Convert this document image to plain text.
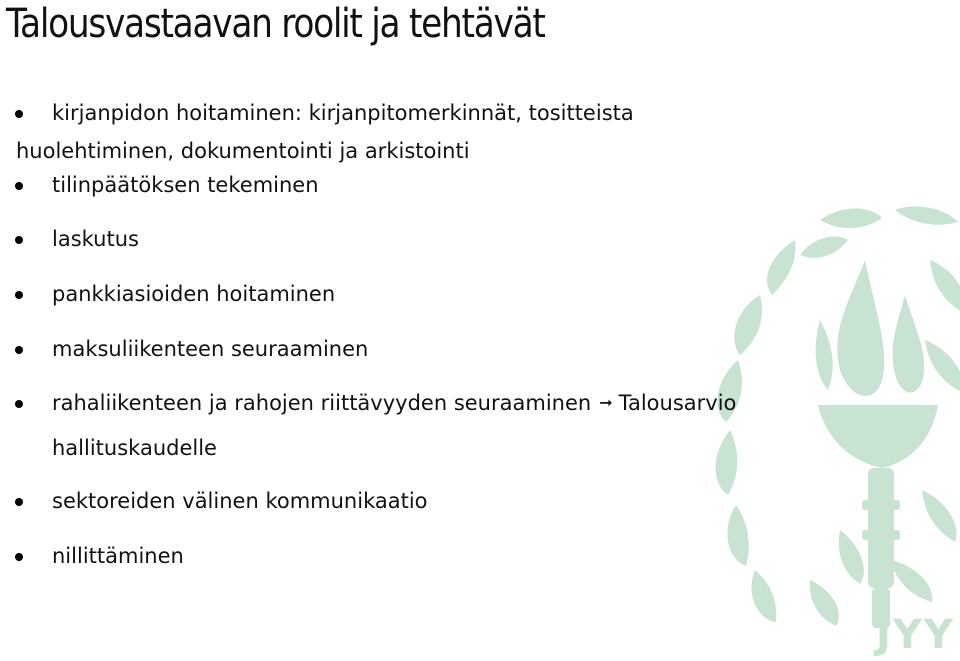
Talousvastaavan roolit ja tehtävät
kirjanpidon hoitaminen: kirjanpitomerkinnät, tositteista
huolehtiminen, dokumentointi ja arkistointi
tilinpäätöksen tekeminen
laskutus
pankkiasioiden hoitaminen
maksuliikenteen seuraaminen
rahaliikenteen ja rahojen riittävyyden seuraaminen ➞ Talousarvio
hallituskaudelle
sektoreiden välinen kommunikaatio
nillittäminen
JYY
